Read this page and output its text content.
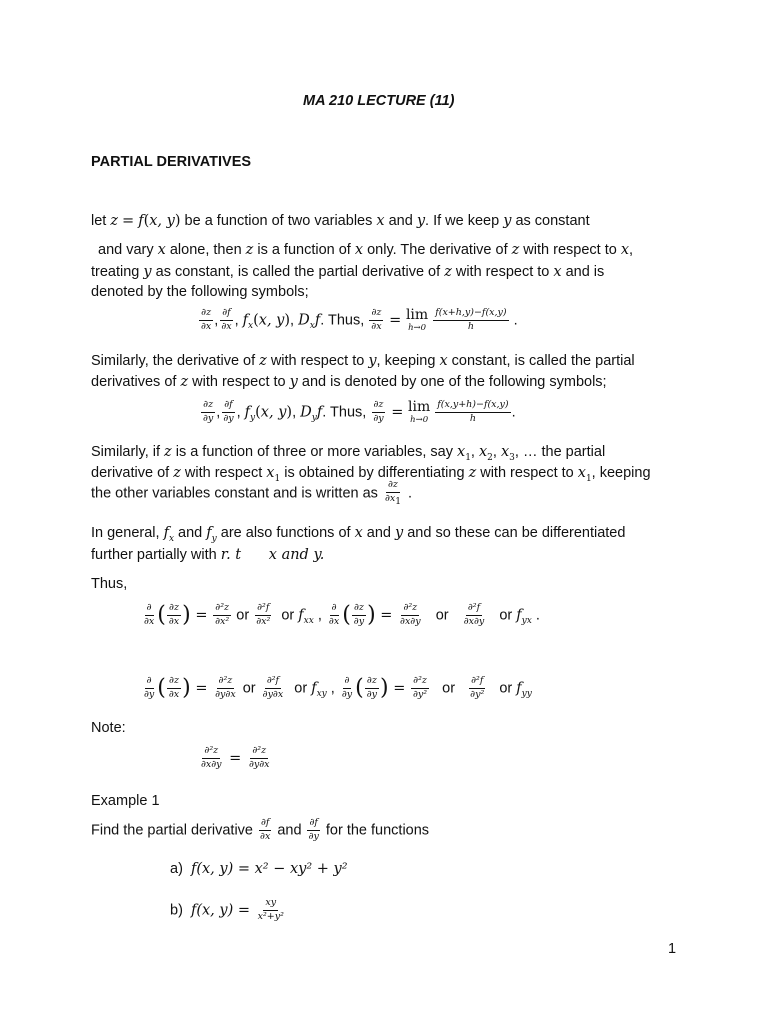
MA 210 LECTURE (11)
PARTIAL DERIVATIVES
let z = f(x, y) be a function of two variables x and y. If we keep y as constant
and vary x alone, then z is a function of x only. The derivative of z with respect to x,
treating y as constant, is called the partial derivative of z with respect to x and is
denoted by the following symbols;
$\frac{\partial z}{\partial x}$ , $\frac{\partial f}{\partial x}$ , $f_x(x$, y), $D_xf$. Thus, $\frac{\partial z}{\partial x} = \lim$
h→0
$\frac{f(x+h,y)-f(x,y)}{h}$ .
Similarly, the derivative of z with respect to y, keeping x constant, is called the partial
derivatives of z with respect to y and is denoted by one of the following symbols;
$\frac{\partial z}{\partial y}$ , $\frac{\partial f}{\partial y}$ , $f_y(x$, y), $D_yf$. Thus, $\frac{\partial z}{\partial y} = \lim$
h→0
$\frac{f(x,y+h)-f(x,y)}{h}$ .
Similarly, if z is a function of three or more variables, say $x_1$, $x_2$, $x_3$, … the partial
derivative of z with respect $x_1$ is obtained by differentiating z with respect to $x_1$, keeping
the other variables constant and is written as $\frac{\partial z}{\partial x_1}$ .
In general, $f_x$ and $f_y$ are also functions of x and y and so these can be differentiated
further partially with r. t      x and y.
Thus,
$\frac{\partial}{\partial x}$ ( $\frac{\partial z}{\partial x}$ ) = $\frac{\text{∂²z}}{\text{∂x²}}$ or $\frac{\text{∂²f}}{\text{∂x²}}$ or $f_{xx}$ , $\frac{\partial}{\partial x}$ ( $\frac{\partial z}{\partial y}$ ) = $\frac{\text{∂²z}}{\partial x\partial y}$ or $\frac{\text{∂²f}}{\partial x\partial y}$ or $f_{yx}$ .
$\frac{\partial}{\partial y}$ ( $\frac{\partial z}{\partial x}$ ) = $\frac{\text{∂²z}}{\partial y\partial x}$ or $\frac{\text{∂²f}}{\partial y\partial x}$ or $f_{xy}$ , $\frac{\partial}{\partial y}$ ( $\frac{\partial z}{\partial y}$ ) = $\frac{\text{∂²z}}{\text{∂y²}}$ or $\frac{\text{∂²f}}{\text{∂y²}}$ or $f_{yy}$
Note:
$\frac{\text{∂²z}}{\partial x\partial y} = \frac{\text{∂²z}}{\partial y\partial x}$
Example 1
Find the partial derivative $\frac{\partial f}{\partial x}$ and $\frac{\partial f}{\partial y}$ for the functions
a) f(x, y) = x² − xy² + y²
b) f(x, $y) = \frac{xy}{\text{x²+y²}}$
1
